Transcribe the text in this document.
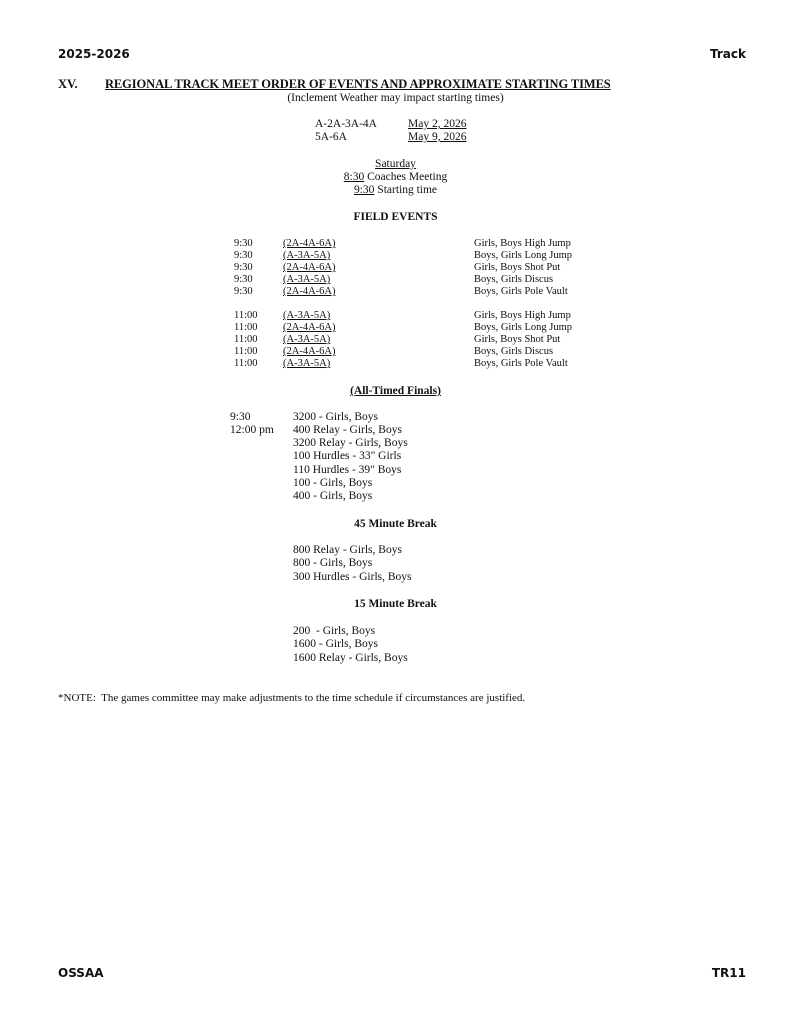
2025-2026	Track
XV. REGIONAL TRACK MEET ORDER OF EVENTS AND APPROXIMATE STARTING TIMES
(Inclement Weather may impact starting times)
A-2A-3A-4A	May 2, 2026
5A-6A	May 9, 2026
Saturday
8:30 Coaches Meeting
9:30 Starting time
FIELD EVENTS
9:30	(2A-4A-6A)	Girls, Boys High Jump
9:30	(A-3A-5A)	Boys, Girls Long Jump
9:30	(2A-4A-6A)	Girls, Boys Shot Put
9:30	(A-3A-5A)	Boys, Girls Discus
9:30	(2A-4A-6A)	Boys, Girls Pole Vault
11:00 (A-3A-5A)	Girls, Boys High Jump
11:00 (2A-4A-6A)	Boys, Girls Long Jump
11:00 (A-3A-5A)	Girls, Boys Shot Put
11:00 (2A-4A-6A)	Boys, Girls Discus
11:00 (A-3A-5A)	Boys, Girls Pole Vault
(All-Timed Finals)
9:30	3200 - Girls, Boys
12:00 pm 400 Relay - Girls, Boys
3200 Relay - Girls, Boys
100 Hurdles - 33" Girls
110 Hurdles - 39" Boys
100 - Girls, Boys
400 - Girls, Boys
45 Minute Break
800 Relay - Girls, Boys
800 - Girls, Boys
300 Hurdles - Girls, Boys
15 Minute Break
200  - Girls, Boys
1600 - Girls, Boys
1600 Relay - Girls, Boys
*NOTE:  The games committee may make adjustments to the time schedule if circumstances are justified.
OSSAA	TR11
